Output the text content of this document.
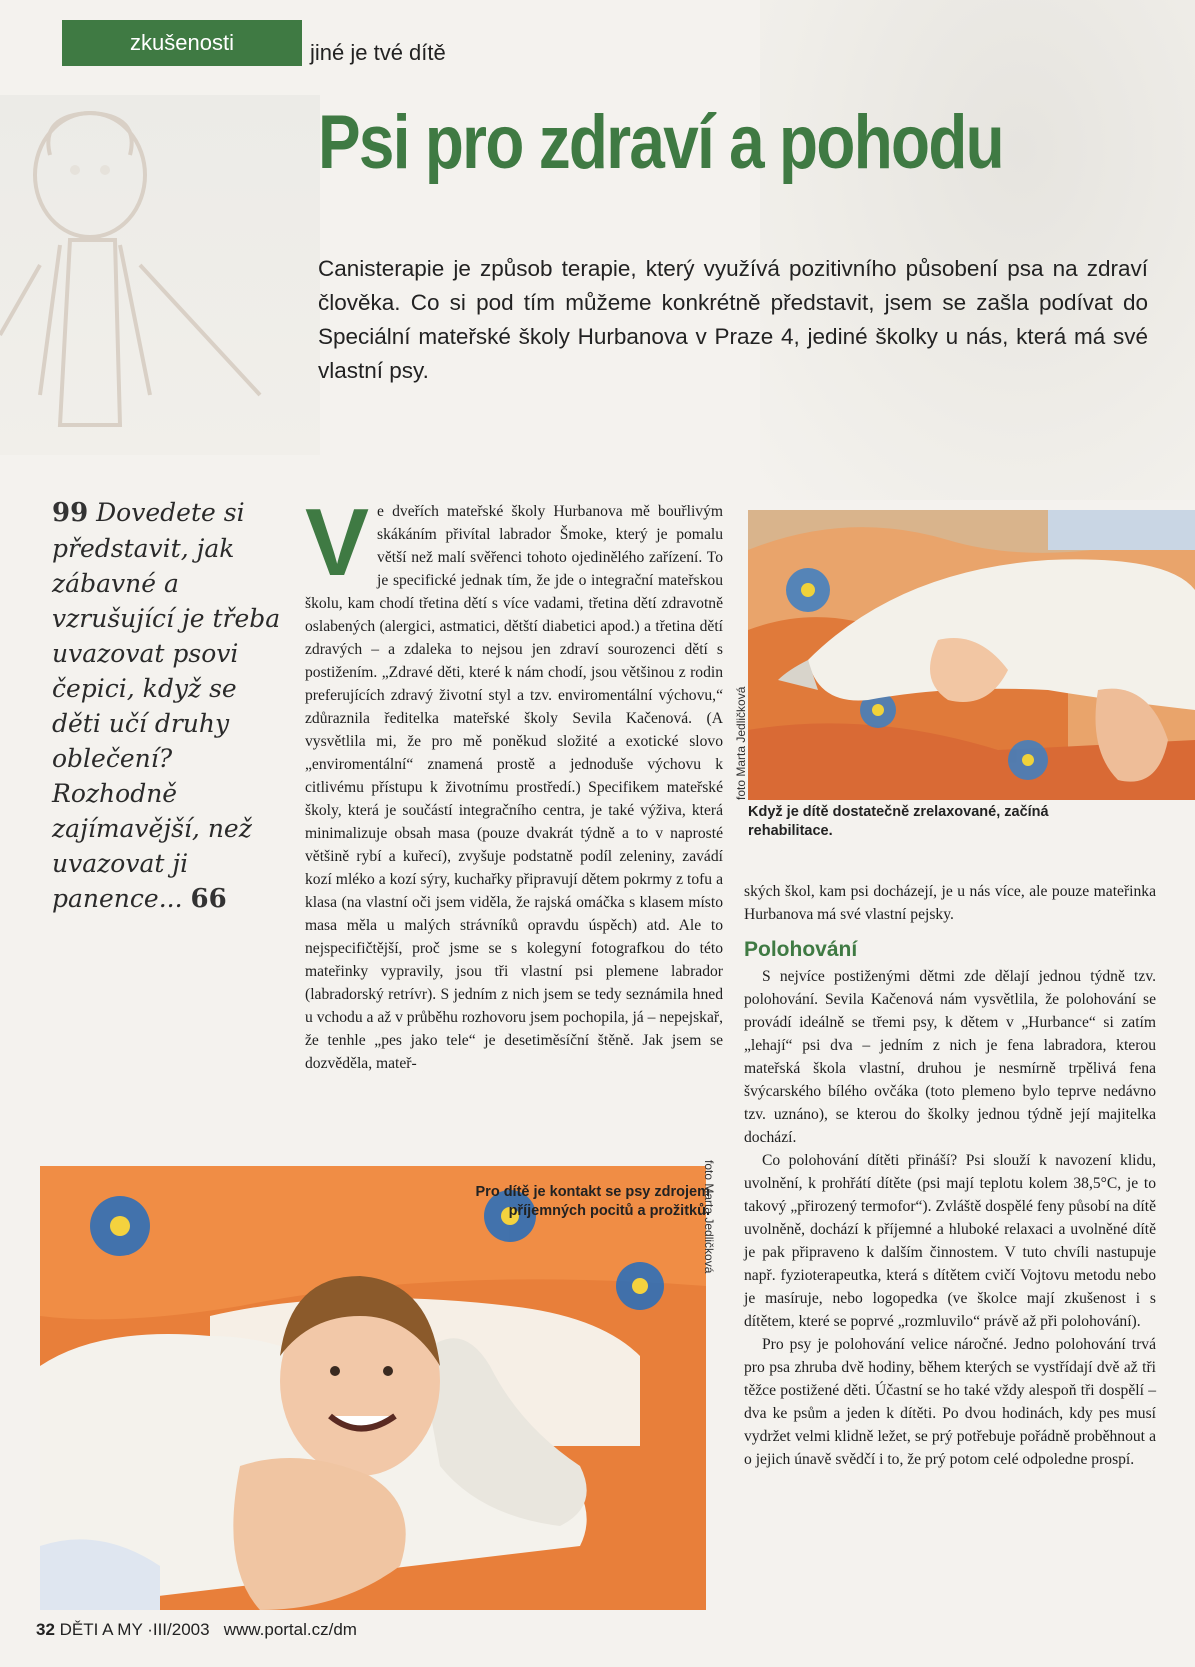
zkušenosti	jiné je tvé dítě
Psi pro zdraví a pohodu
Canisterapie je způsob terapie, který využívá pozitivního působení psa na zdraví člověka. Co si pod tím můžeme konkrétně představit, jsem se zašla podívat do Speciální mateřské školy Hurbanova v Praze 4, jediné školky u nás, která má své vlastní psy.
99 Dovedete si představit, jak zábavné a vzrušující je třeba uvazovat psovi čepici, když se děti učí druhy oblečení? Rozhodně zajímavější, než uvazovat ji panence... 66
V e dveřích mateřské školy Hurbanova mě bouřlivým skákáním přivítal labrador Šmoke, který je pomalu větší než malí svěřenci tohoto ojedinělého zařízení. To je specifické jednak tím, že jde o integrační mateřskou školu, kam chodí třetina dětí s více vadami, třetina dětí zdravotně oslabených (alergici, astmatici, dětští diabetici apod.) a třetina dětí zdravých – a zdaleka to nejsou jen zdraví sourozenci dětí s postižením. „Zdravé děti, které k nám chodí, jsou většinou z rodin preferujících zdravý životní styl a tzv. enviromentální výchovu,“ zdůraznila ředitelka mateřské školy Sevila Kačenová. (A vysvětlila mi, že pro mě poněkud složité a exotické slovo „enviromentální“ znamená prostě a jednoduše výchovu k citlivému přístupu k životnímu prostředí.) Specifikem mateřské školy, která je součástí integračního centra, je také výživa, která minimalizuje obsah masa (pouze dvakrát týdně a to v naprosté většině rybí a kuřecí), zvyšuje podstatně podíl zeleniny, zavádí kozí mléko a kozí sýry, kuchařky připravují dětem pokrmy z tofu a klasa (na vlastní oči jsem viděla, že rajská omáčka s klasem místo masa měla u malých strávníků opravdu úspěch) atd. Ale to nejspecifičtější, proč jsme se s kolegyní fotografkou do této mateřinky vypravily, jsou tři vlastní psi plemene labrador (labradorský retrívr). S jedním z nich jsem se tedy seznámila hned u vchodu a až v průběhu rozhovoru jsem pochopila, já – nepejskař, že tenhle „pes jako tele“ je desetiměsíční štěně. Jak jsem se dozvěděla, mateř-

foto Marta Jedličková
Když je dítě dostatečně zrelaxované, začíná rehabilitace.

ských škol, kam psi docházejí, je u nás více, ale pouze mateřinka Hurbanova má své vlastní pejsky.

Polohování

S nejvíce postiženými dětmi zde dělají jednou týdně tzv. polohování. Sevila Kačenová nám vysvětlila, že polohování se provádí ideálně se třemi psy, k dětem v „Hurbance“ si zatím „lehají“ psi dva – jedním z nich je fena labradora, kterou mateřská škola vlastní, druhou je nesmírně trpělivá fena švýcarského bílého ovčáka (toto plemeno bylo teprve nedávno tzv. uznáno), se kterou do školky jednou týdně její majitelka dochází.

Co polohování dítěti přináší? Psi slouží k navození klidu, uvolnění, k prohřátí dítěte (psi mají teplotu kolem 38,5°C, je to takový „přirozený termofor“). Zvláště dospělé feny působí na dítě uvolněně, dochází k příjemné a hluboké relaxaci a uvolněné dítě je pak připraveno k dalším činnostem. V tuto chvíli nastupuje např. fyzioterapeutka, která s dítětem cvičí Vojtovu metodu nebo je masíruje, nebo logopedka (ve školce mají zkušenost i s dítětem, které se poprvé „rozmluvilo“ právě až při polohování).

Pro psy je polohování velice náročné. Jedno polohování trvá pro psa zhruba dvě hodiny, během kterých se vystřídají dvě až tři těžce postižené děti. Účastní se ho také vždy alespoň tři dospělí – dva ke psům a jeden k dítěti. Po dvou hodinách, kdy pes musí vydržet velmi klidně ležet, se prý potřebuje pořádně proběhnout a o jejich únavě svědčí i to, že prý potom celé odpoledne prospí.

Pro dítě je kontakt se psy zdrojem příjemných pocitů a prožitků.
foto Marta Jedličková
32 DĚTI A MY ·III/2003 www.portal.cz/dm
